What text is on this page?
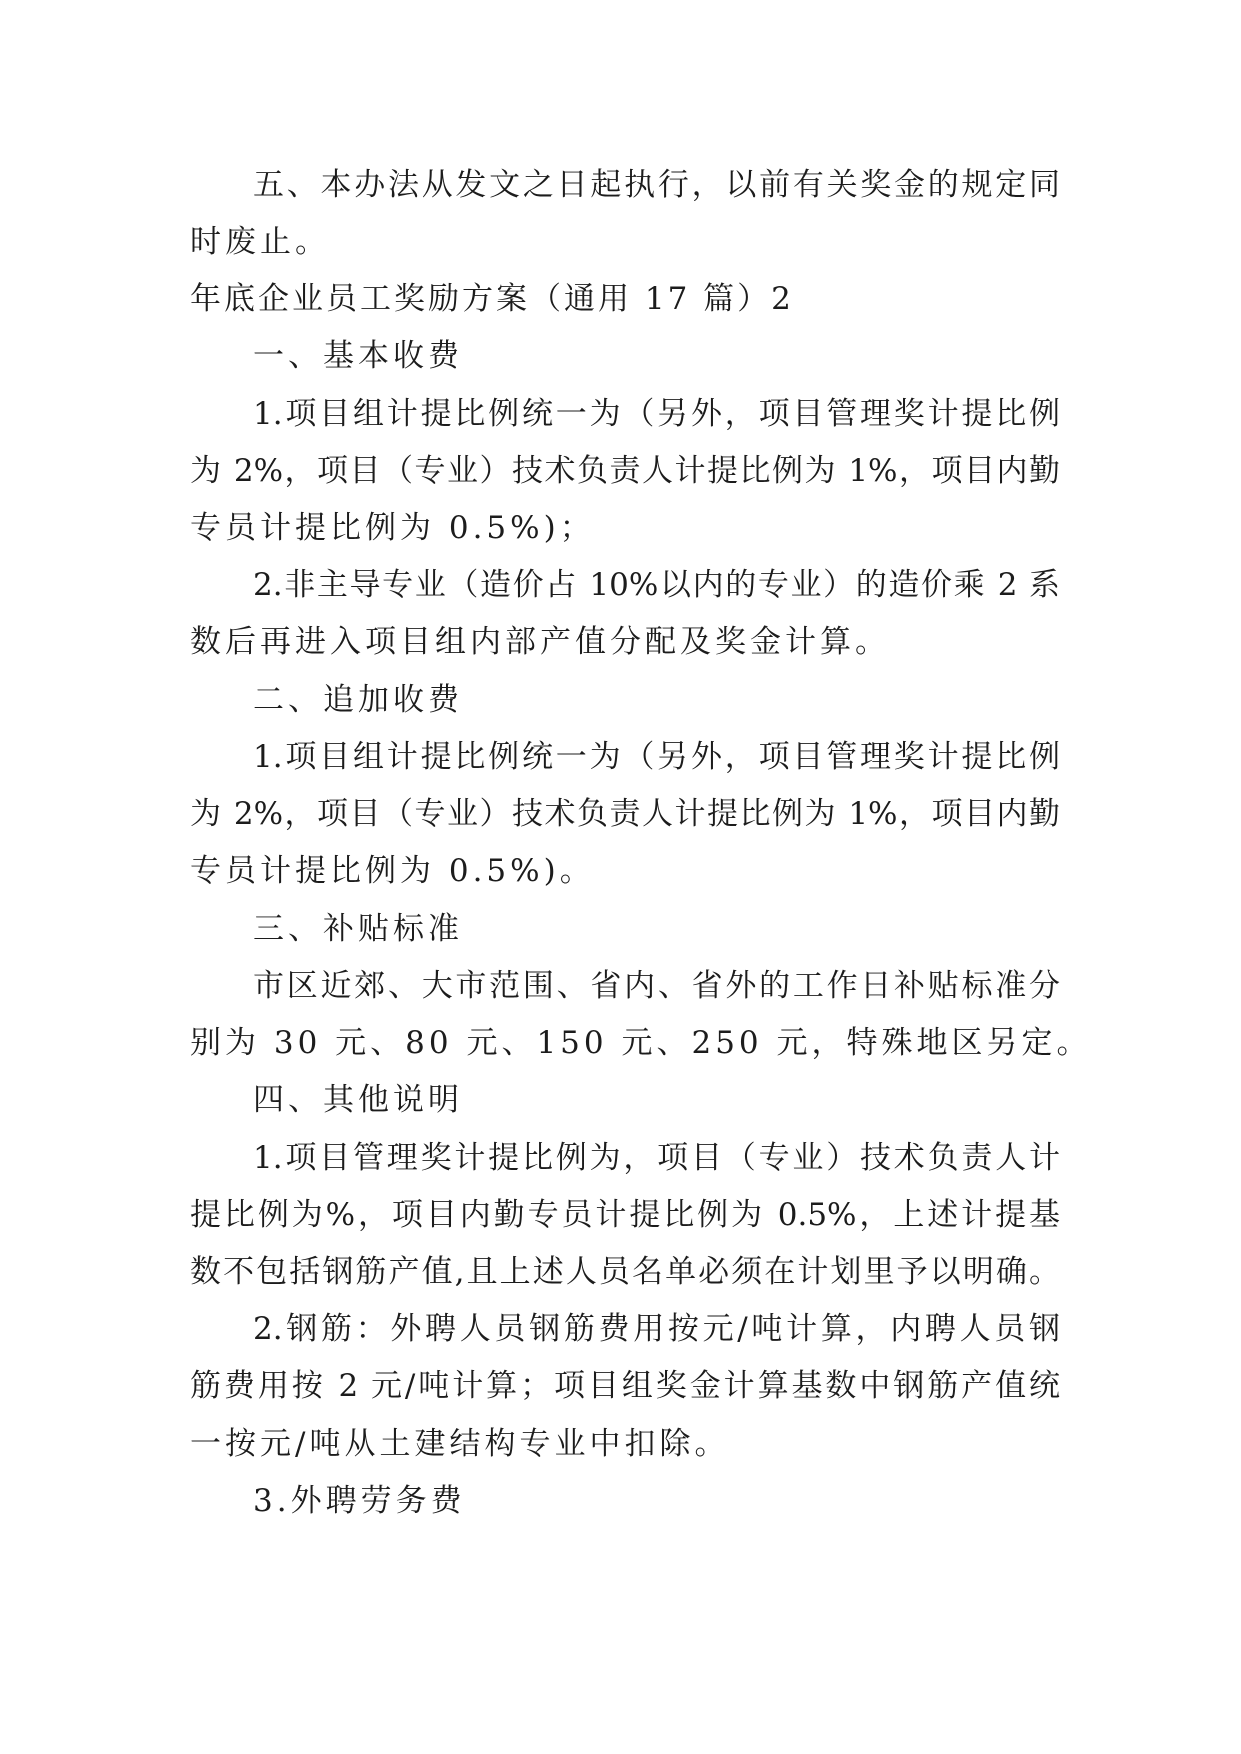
五、本办法从发文之日起执行，以前有关奖金的规定同

时废止。

年底企业员工奖励方案（通用 17 篇）2

一、基本收费

1.项目组计提比例统一为（另外，项目管理奖计提比例

为 2%，项目（专业）技术负责人计提比例为 1%，项目内勤

专员计提比例为 0.5%)；

2.非主导专业（造价占 10%以内的专业）的造价乘 2 系

数后再进入项目组内部产值分配及奖金计算。

二、追加收费

1.项目组计提比例统一为（另外，项目管理奖计提比例

为 2%，项目（专业）技术负责人计提比例为 1%，项目内勤

专员计提比例为 0.5%)。

三、补贴标准

市区近郊、大市范围、省内、省外的工作日补贴标准分

别为 30 元、80 元、150 元、250 元，特殊地区另定。

四、其他说明

1.项目管理奖计提比例为，项目（专业）技术负责人计

提比例为%，项目内勤专员计提比例为 0.5%，上述计提基

数不包括钢筋产值,且上述人员名单必须在计划里予以明确。

2.钢筋：外聘人员钢筋费用按元/吨计算，内聘人员钢

筋费用按 2 元/吨计算；项目组奖金计算基数中钢筋产值统

一按元/吨从土建结构专业中扣除。

3.外聘劳务费
